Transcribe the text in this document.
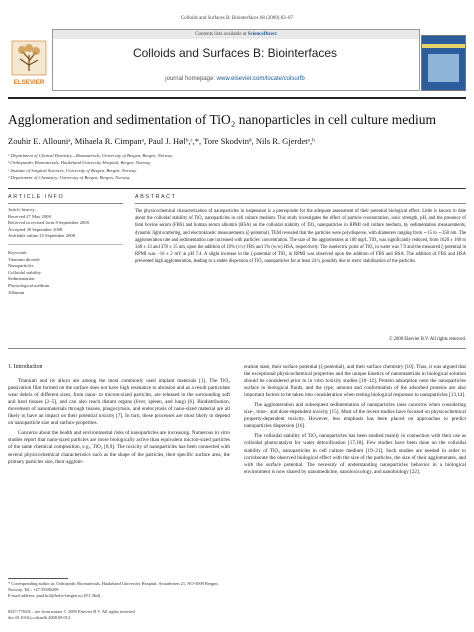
Colloids and Surfaces B: Biointerfaces 68 (2009) 83–87
ELSEVIER
Contents lists available at ScienceDirect
Colloids and Surfaces B: Biointerfaces
journal homepage: www.elsevier.com/locate/colsurfb
Agglomeration and sedimentation of TiO₂ nanoparticles in cell culture medium
Zouhir E. Allouniᵃ, Mihaela R. Cimpanᵃ, Paul J. Hølᵇ,ᶜ,*, Tore Skodvinᵈ, Nils R. Gjerdetᵃ,ᵇ
ᵃ Department of Clinical Dentistry—Biomaterials, University of Bergen, Bergen, Norway
ᵇ Orthopaedic Biomaterials, Haukeland University Hospital, Bergen, Norway
ᶜ Institute of Surgical Sciences, University of Bergen, Bergen, Norway
ᵈ Department of Chemistry, University of Bergen, Bergen, Norway
ARTICLE INFO
Article history:
Received 27 May 2008
Received in revised form 8 September 2008
Accepted 30 September 2008
Available online 25 September 2008
Keywords:
Titanium dioxide
Nanoparticles
Colloidal stability
Sedimentation
Physiological medium
Albumin
ABSTRACT
The physicochemical characterization of nanoparticles in suspension is a prerequisite for the adequate assessment of their potential biological effect. Little is known to date about the colloidal stability of TiO₂ nanoparticles in cell culture medium. This study investigates the effect of particle concentration, ionic strength, pH, and the presence of fetal bovine serum (FBS) and human serum albumin (HSA) on the colloidal stability of TiO₂ nanoparticles in RPMI cell culture medium, by sedimentation measurements, dynamic light scattering, and electrokinetic measurements (ζ-potential). TEM revealed that the particles were polydisperse, with diameters ranging from ∼15 to ∼350 nm. The agglomeration rate and sedimentation rate increased with particles' concentration. The size of the agglomerates at 100 mg/L TiO₂ was significantly reduced, from 1620 ± 160 to 348 ± 13 and 378 ± 15 nm, upon the addition of 10% (v/v) FBS and 1% (w/w) HSA, respectively. The isoelectric point of TiO₂ in water was 7.9 and the measured ζ-potential in RPMI was −16 ± 2 mV at pH 7.4. A slight increase in the ζ-potential of TiO₂ in RPMI was observed upon the addition of FBS and HSA. The addition of FBS and HSA prevented high agglomeration, leading to a stable dispersion of TiO₂ nanoparticles for at least 24 h, possibly due to steric stabilization of the particles.
© 2008 Elsevier B.V. All rights reserved.
1. Introduction

Titanium and its alloys are among the most commonly used implant materials [1]. The TiO₂ passivation film formed on the surface does not have high resistance to abrasion and as a result particulate wear debris of different sizes, from nano- to micron-sized particles, are released in the surrounding soft and hard tissues [2–5], and can also reach distant organs (liver, spleen, and lung) [6]. Biodistribution, movement of nanomaterials through tissues, phagocytosis, and endocytosis of nano-sized material are all likely to have an impact on their potential toxicity [7]. In turn, these processes are most likely to depend on nanoparticle size and surface properties.

Concerns about the health and environmental risks of nanoparticles are increasing. Numerous in vitro studies report that nano-sized particles are more biologically active than equivalent micron-sized particles of the same chemical composition, e.g., TiO₂ [8,9]. The toxicity of nanoparticles has been connected with several physicochemical characteristics such as the shape of the particles, their specific surface area, the primary particles size, their agglom-

eration state, their surface potential (ζ-potential), and their surface chemistry [10]. Thus, it was argued that the exceptional physicochemical properties and the unique kinetics of nanomaterials in biological solution should be considered prior to in vitro toxicity studies [10–12]. Protein adsorption onto the nanoparticles surface in biological fluids, and the type, amount and conformation of the adsorbed proteins are also important factors to be taken into consideration when testing biological responses to nanoparticles [13,14].

The agglomeration and subsequent sedimentation of nanoparticles raise concerns when considering size-, time-, and dose-dependent toxicity [15]. Most of the recent studies have focused on physicochemical property-dependent toxicity. However, less emphasis has been placed on approaches to predict nanoparticles dispersion [16].

The colloidal stability of TiO₂ nanoparticles has been studied mainly in connection with their use as colloidal photocatalyst for water detoxification [17,18]. Few studies have been done on the colloidal stability of TiO₂ nanoparticles in cell culture medium [19–21]. Such studies are needed in order to corroborate the observed biological effect with the size of the particles, the size of their agglomerates, and with the surface potential. The necessity of understanding nanoparticles behavior in a biological environment is now shared by nanomedicine, nanotoxicology, and nanobiology [22].

* Corresponding author at: Orthopedic Biomaterials, Haukeland University Hospital, Arstadveien 21, NO-5009 Bergen, Norway. Tel.: +47 55586209.
E-mail address: paul.hol@helse-bergen.no (P.J. Høl).
0927-7765/$ – see front matter © 2008 Elsevier B.V. All rights reserved.
doi:10.1016/j.colsurfb.2008.09.014
